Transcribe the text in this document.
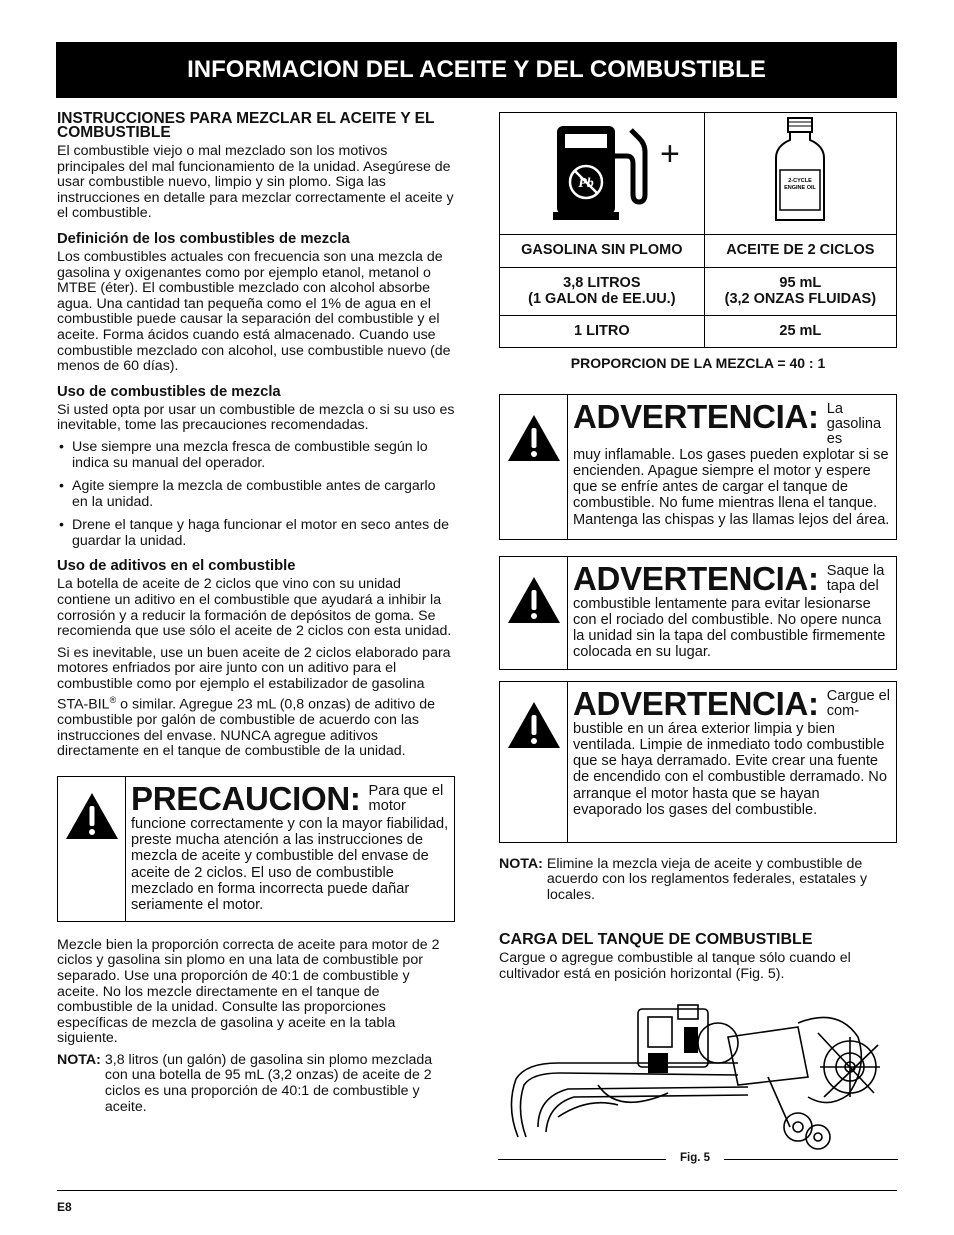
INFORMACION DEL ACEITE Y DEL COMBUSTIBLE
INSTRUCCIONES PARA MEZCLAR EL ACEITE Y EL COMBUSTIBLE

El combustible viejo o mal mezclado son los motivos principales del mal funcionamiento de la unidad. Asegúrese de usar combustible nuevo, limpio y sin plomo. Siga las instrucciones en detalle para mezclar correctamente el aceite y el combustible.

Definición de los combustibles de mezcla

Los combustibles actuales con frecuencia son una mezcla de gasolina y oxigenantes como por ejemplo etanol, metanol o MTBE (éter). El combustible mezclado con alcohol absorbe agua. Una cantidad tan pequeña como el 1% de agua en el combustible puede causar la separación del combustible y el aceite. Forma ácidos cuando está almacenado. Cuando use combustible mezclado con alcohol, use combustible nuevo (de menos de 60 días).

Uso de combustibles de mezcla

Si usted opta por usar un combustible de mezcla o si su uso es inevitable, tome las precauciones recomendadas.

• Use siempre una mezcla fresca de combustible según lo indica su manual del operador.
• Agite siempre la mezcla de combustible antes de cargarlo en la unidad.
• Drene el tanque y haga funcionar el motor en seco antes de guardar la unidad.
Uso de aditivos en el combustible

La botella de aceite de 2 ciclos que vino con su unidad contiene un aditivo en el combustible que ayudará a inhibir la corrosión y a reducir la formación de depósitos de goma. Se recomienda que use sólo el aceite de 2 ciclos con esta unidad.

Si es inevitable, use un buen aceite de 2 ciclos elaborado para motores enfriados por aire junto con un aditivo para el combustible como por ejemplo el estabilizador de gasolina STA-BIL® o similar. Agregue 23 mL (0,8 onzas) de aditivo de combustible por galón de combustible de acuerdo con las instrucciones del envase. NUNCA agregue aditivos directamente en el tanque de combustible de la unidad.

PRECAUCION: Para que el motor
funcione correctamente y con la mayor fiabilidad, preste mucha atención a las instrucciones de mezcla de aceite y combustible del envase de aceite de 2 ciclos. El uso de combustible mezclado en forma incorrecta puede dañar seriamente el motor.

Mezcle bien la proporción correcta de aceite para motor de 2 ciclos y gasolina sin plomo en una lata de combustible por separado. Use una proporción de 40:1 de combustible y aceite. No los mezcle directamente en el tanque de combustible de la unidad. Consulte las proporciones específicas de mezcla de gasolina y aceite en la tabla siguiente.

NOTA: 3,8 litros (un galón) de gasolina sin plomo mezclada con una botella de 95 mL (3,2 onzas) de aceite de 2 ciclos es una proporción de 40:1 de combustible y aceite.
Pb
+	2-CYCLE
ENGINE OIL

GASOLINA SIN PLOMO	ACEITE DE 2 CICLOS
3,8 LITROS
(1 GALON de EE.UU.)	95 mL
(3,2 ONZAS FLUIDAS)
1 LITRO	25 mL
PROPORCION DE LA MEZCLA = 40 : 1
ADVERTENCIA: La gasolina es
muy inflamable. Los gases pueden explotar si se encienden. Apague siempre el motor y espere que se enfríe antes de cargar el tanque de combustible. No fume mientras llena el tanque. Mantenga las chispas y las llamas lejos del área.
ADVERTENCIA: Saque la tapa del
combustible lentamente para evitar lesionarse con el rociado del combustible. No opere nunca la unidad sin la tapa del combustible firmemente colocada en su lugar.
ADVERTENCIA: Cargue el com-
bustible en un área exterior limpia y bien ventilada. Limpie de inmediato todo combustible que se haya derramado. Evite crear una fuente de encendido con el combustible derramado. No arranque el motor hasta que se hayan evaporado los gases del combustible.
NOTA: Elimine la mezcla vieja de aceite y combustible de acuerdo con los reglamentos federales, estatales y locales.
CARGA DEL TANQUE DE COMBUSTIBLE

Cargue o agregue combustible al tanque sólo cuando el cultivador está en posición horizontal (Fig. 5).

Fig. 5
E8
